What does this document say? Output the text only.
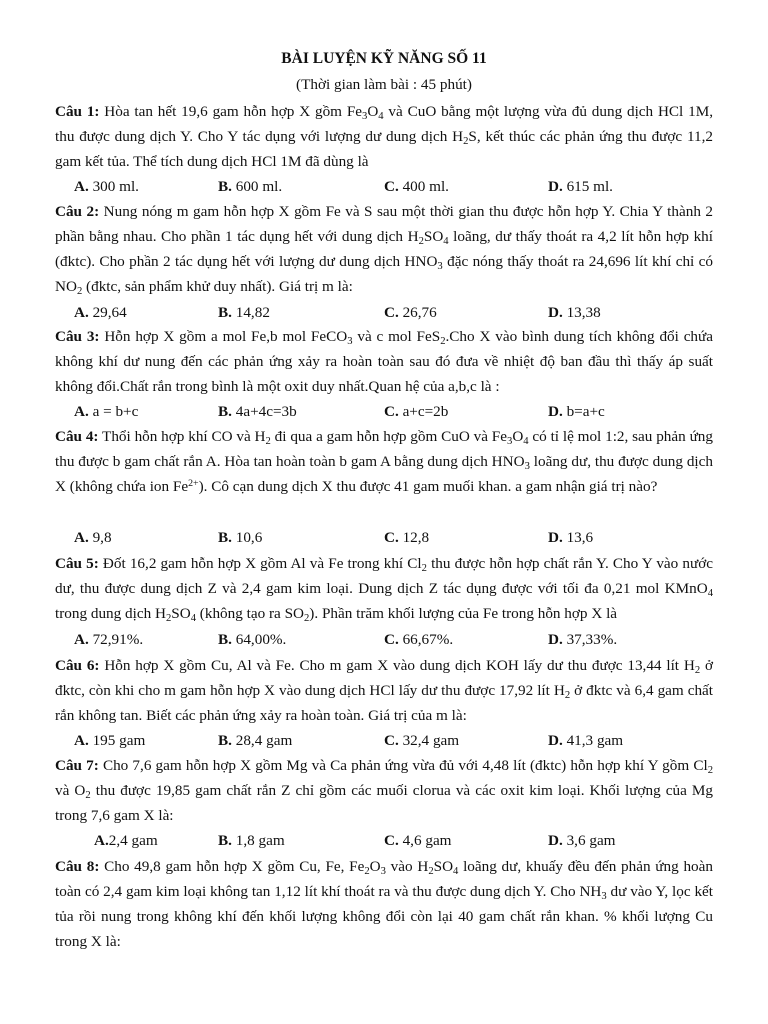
BÀI LUYỆN KỸ NĂNG SỐ 11
(Thời gian làm bài : 45 phút)
Câu 1: Hòa tan hết 19,6 gam hỗn hợp X gồm $Fe_3O_4$ và CuO bằng một lượng vừa đủ dung dịch HCl 1M, thu được dung dịch Y. Cho Y tác dụng với lượng dư dung dịch $H_2S$, kết thúc các phản ứng thu được 11,2 gam kết tủa. Thể tích dung dịch HCl 1M đã dùng là
A. 300 ml.	B. 600 ml.	C. 400 ml.	D. 615 ml.
Câu 2: Nung nóng m gam hỗn hợp X gồm Fe và S sau một thời gian thu được hỗn hợp Y. Chia Y thành 2 phần bằng nhau. Cho phần 1 tác dụng hết với dung dịch $H_2SO_4$ loãng, dư thấy thoát ra 4,2 lít hỗn hợp khí (đktc). Cho phần 2 tác dụng hết với lượng dư dung dịch $HNO_3$ đặc nóng thấy thoát ra 24,696 lít khí chỉ có $NO_2$ (đktc, sản phẩm khử duy nhất). Giá trị m là:
A. 29,64	B. 14,82	C. 26,76	D. 13,38
Câu 3: Hỗn hợp X gồm a mol Fe,b mol FeCO$_3$ và c mol FeS$_2$.Cho X vào bình dung tích không đổi chứa không khí dư nung đến các phản ứng xảy ra hoàn toàn sau đó đưa về nhiệt độ ban đầu thì thấy áp suất không đổi.Chất rắn trong bình là một oxit duy nhất.Quan hệ của a,b,c là :
A. a = b+c	B. 4a+4c=3b	C. a+c=2b	D. b=a+c
Câu 4: Thổi hỗn hợp khí CO và $H_2$ đi qua a gam hỗn hợp gồm CuO và $Fe_3O_4$ có tỉ lệ mol 1:2, sau phản ứng thu được b gam chất rắn A. Hòa tan hoàn toàn b gam A bằng dung dịch $HNO_3$ loãng dư, thu được dung dịch X (không chứa ion $Fe^{2+}$). Cô cạn dung dịch X thu được 41 gam muối khan. a gam nhận giá trị nào?
A. 9,8	B. 10,6	C. 12,8	D. 13,6
Câu 5: Đốt 16,2 gam hỗn hợp X gồm Al và Fe trong khí $Cl_2$ thu được hỗn hợp chất rắn Y. Cho Y vào nước dư, thu được dung dịch Z và 2,4 gam kim loại. Dung dịch Z tác dụng được với tối đa 0,21 mol KMnO$_4$ trong dung dịch $H_2SO_4$ (không tạo ra $SO_2$). Phần trăm khối lượng của Fe trong hỗn hợp X là
A. 72,91%.	B. 64,00%.	C. 66,67%.	D. 37,33%.
Câu 6: Hỗn hợp X gồm Cu, Al và Fe. Cho m gam X vào dung dịch KOH lấy dư thu được 13,44 lít $H_2$ ở đktc, còn khi cho m gam hỗn hợp X vào dung dịch HCl lấy dư thu được 17,92 lít $H_2$ ở đktc và 6,4 gam chất rắn không tan. Biết các phản ứng xảy ra hoàn toàn. Giá trị của m là:
A. 195 gam	B. 28,4 gam	C. 32,4 gam	D. 41,3 gam
Câu 7: Cho 7,6 gam hỗn hợp X gồm Mg và Ca phản ứng vừa đủ với 4,48 lít (đktc) hỗn hợp khí Y gồm $Cl_2$ và $O_2$ thu được 19,85 gam chất rắn Z chỉ gồm các muối clorua và các oxit kim loại. Khối lượng của Mg trong 7,6 gam X là:
A.2,4 gam	B. 1,8 gam	C. 4,6 gam	D. 3,6 gam
Câu 8: Cho 49,8 gam hỗn hợp X gồm Cu, Fe, $Fe_2O_3$ vào $H_2SO_4$ loãng dư, khuấy đều đến phản ứng hoàn toàn có 2,4 gam kim loại không tan 1,12 lít khí thoát ra và thu được dung dịch Y. Cho $NH_3$ dư vào Y, lọc kết tủa rồi nung trong không khí đến khối lượng không đổi còn lại 40 gam chất rắn khan. % khối lượng Cu trong X là:
